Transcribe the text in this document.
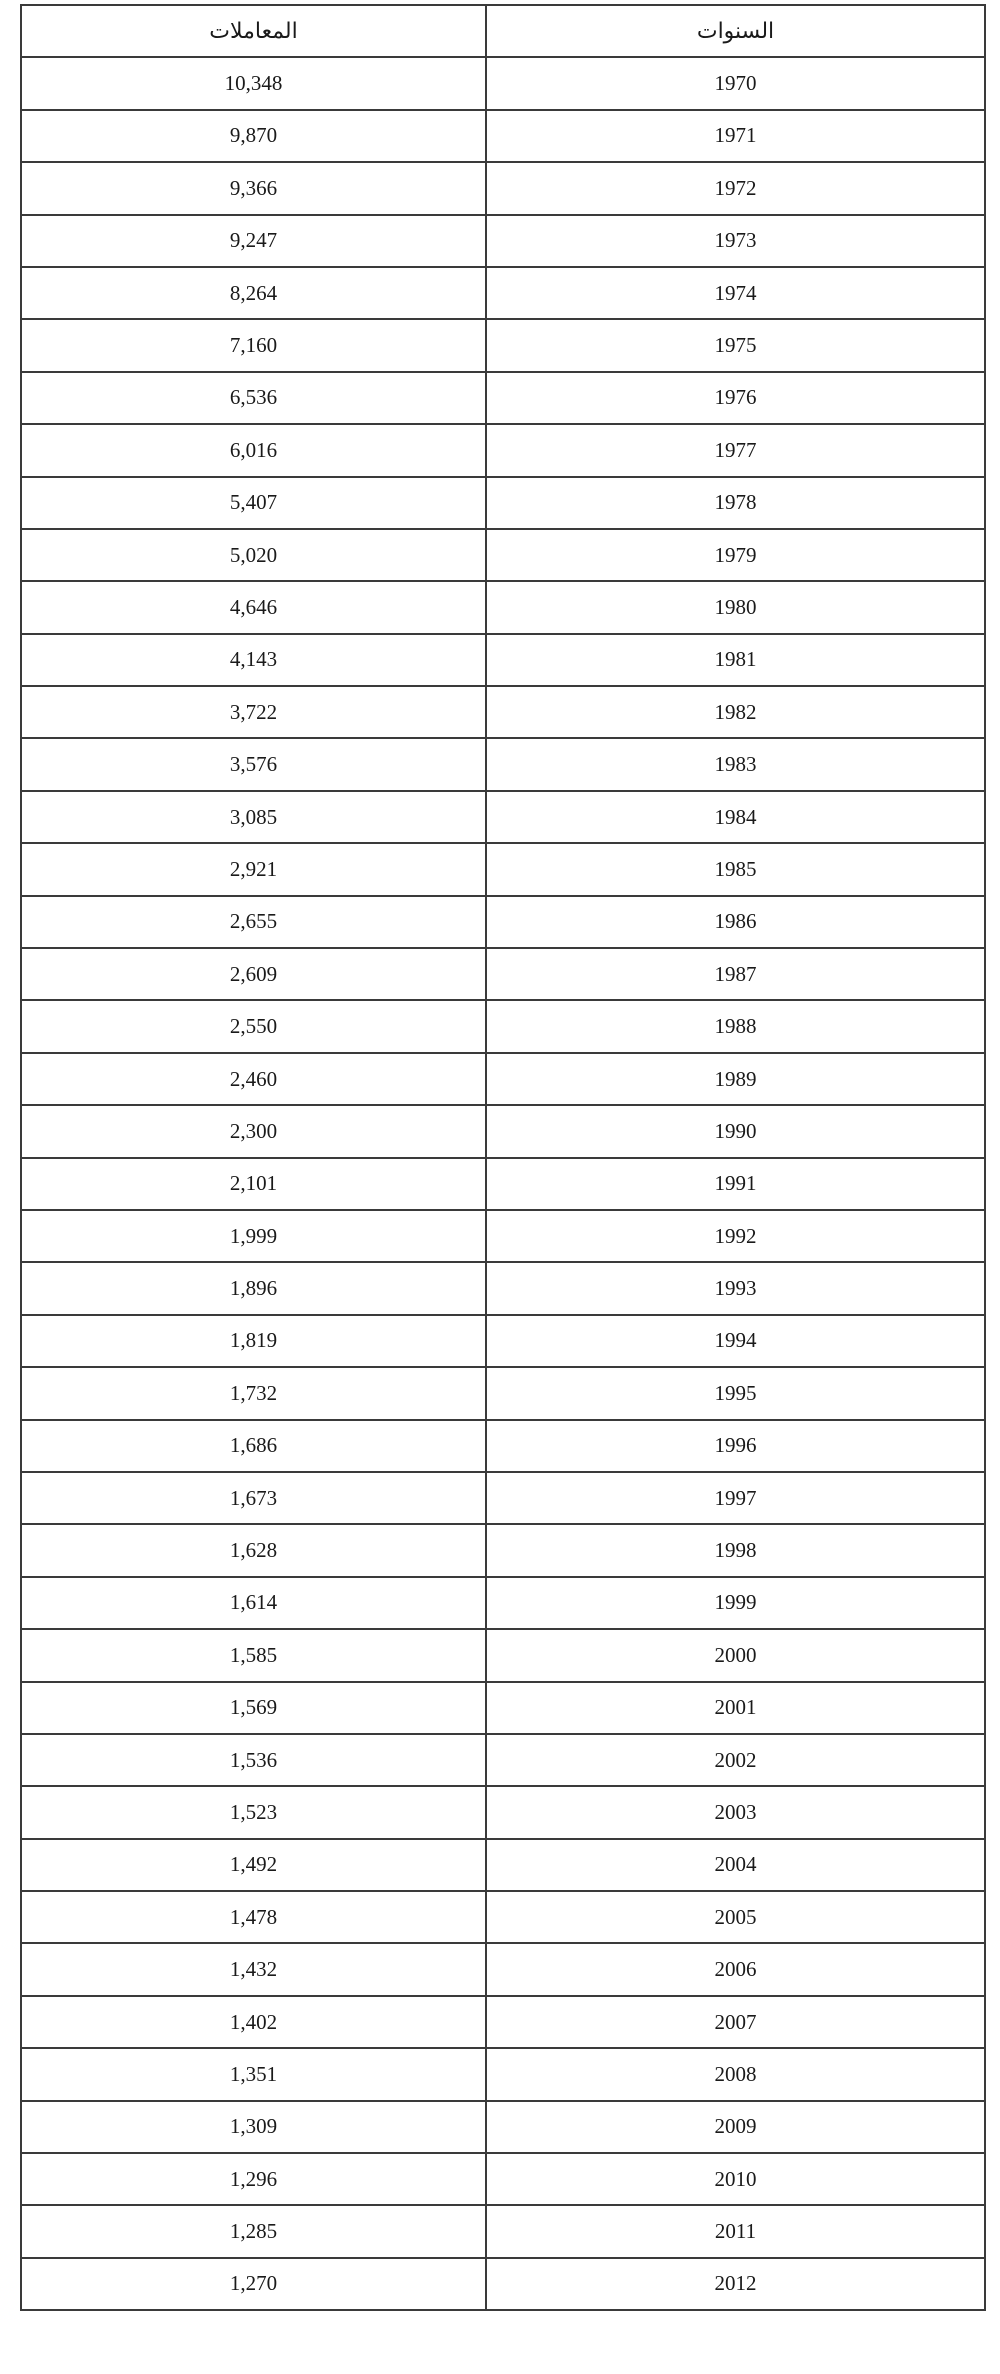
المعاملات	السنوات
10,348	1970
9,870	1971
9,366	1972
9,247	1973
8,264	1974
7,160	1975
6,536	1976
6,016	1977
5,407	1978
5,020	1979
4,646	1980
4,143	1981
3,722	1982
3,576	1983
3,085	1984
2,921	1985
2,655	1986
2,609	1987
2,550	1988
2,460	1989
2,300	1990
2,101	1991
1,999	1992
1,896	1993
1,819	1994
1,732	1995
1,686	1996
1,673	1997
1,628	1998
1,614	1999
1,585	2000
1,569	2001
1,536	2002
1,523	2003
1,492	2004
1,478	2005
1,432	2006
1,402	2007
1,351	2008
1,309	2009
1,296	2010
1,285	2011
1,270	2012
